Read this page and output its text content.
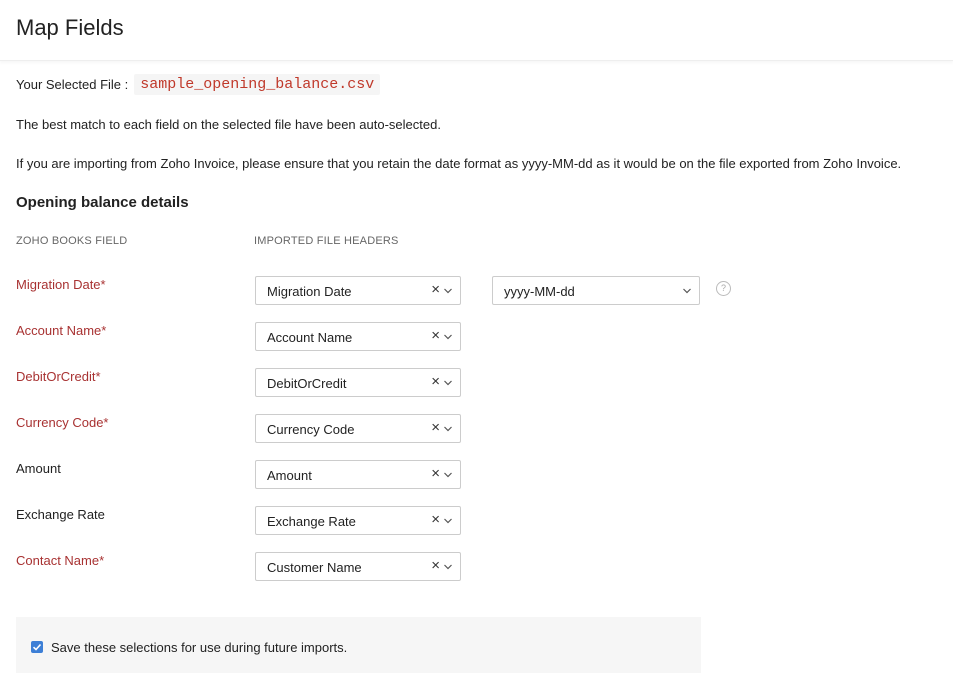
Map Fields
Your Selected File : sample_opening_balance.csv
The best match to each field on the selected file have been auto-selected.
If you are importing from Zoho Invoice, please ensure that you retain the date format as yyyy-MM-dd as it would be on the file exported from Zoho Invoice.
Opening balance details
ZOHO BOOKS FIELD	IMPORTED FILE HEADERS
Migration Date*	Migration Date	×	yyyy-MM-dd	?
Account Name*	Account Name	×
DebitOrCredit*	DebitOrCredit	×
Currency Code*	Currency Code	×
Amount	Amount	×
Exchange Rate	Exchange Rate	×
Contact Name*	Customer Name	×
Save these selections for use during future imports.
